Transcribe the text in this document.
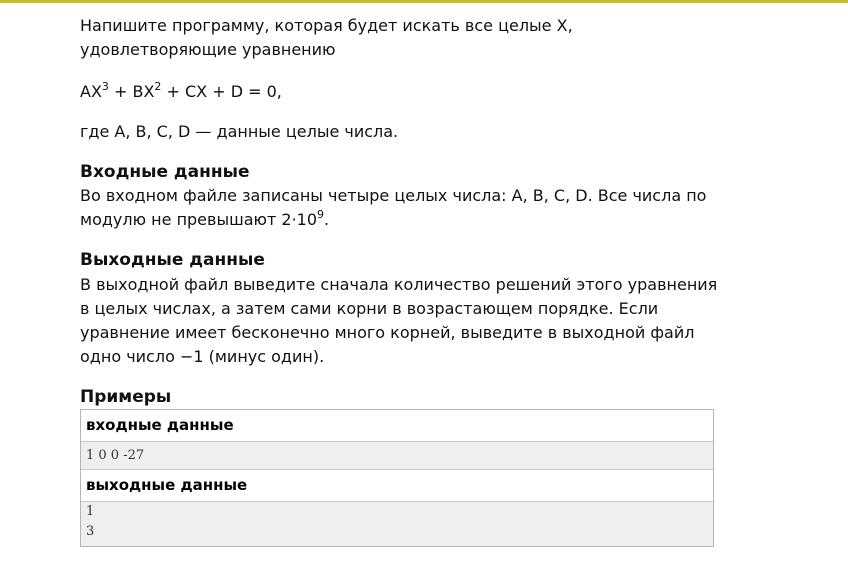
Напишите программу, которая будет искать все целые X,

удовлетворяющие уравнению

$AX^3 + BX^2$ + CX + D = 0,

где A, B, C, D — данные целые числа.

Входные данные

Во входном файле записаны четыре целых числа: A, B, C, D. Все числа по

модулю не превышают $2\cdot 10^9$.

Выходные данные

В выходной файл выведите сначала количество решений этого уравнения

в целых числах, а затем сами корни в возрастающем порядке. Если

уравнение имеет бесконечно много корней, выведите в выходной файл

одно число −1 (минус один).

Примеры
входные данные
1 0 0 -27
выходные данные
1
3
